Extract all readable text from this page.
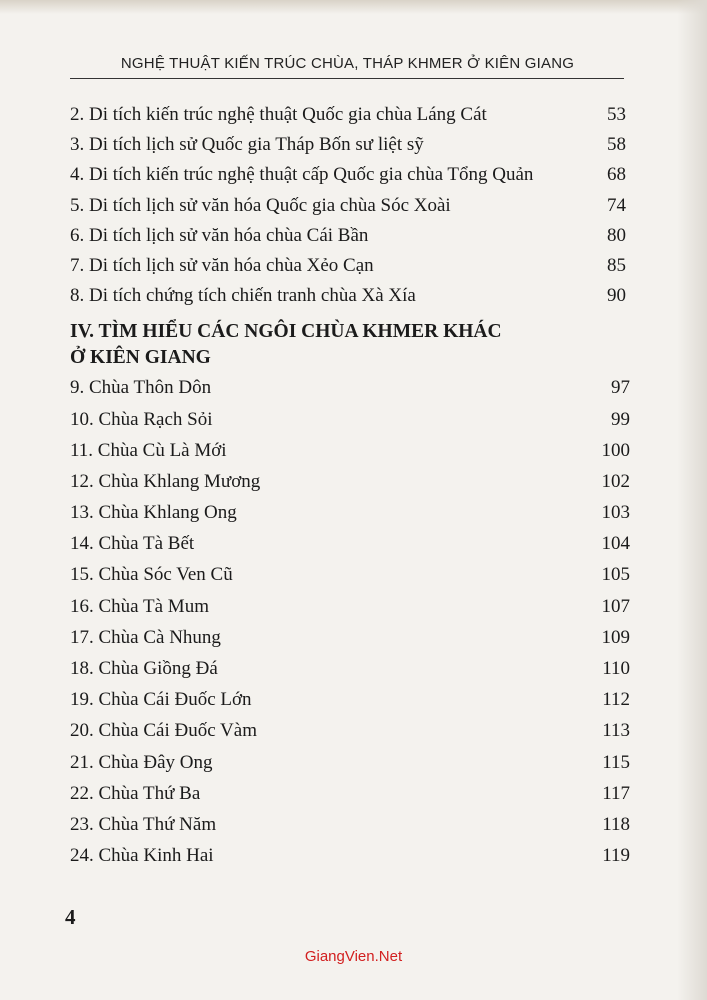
NGHỆ THUẬT KIẾN TRÚC CHÙA, THÁP KHMER Ở KIÊN GIANG
2. Di tích kiến trúc nghệ thuật Quốc gia chùa Láng Cát	53
3. Di tích lịch sử Quốc gia Tháp Bốn sư liệt sỹ	58
4. Di tích kiến trúc nghệ thuật cấp Quốc gia chùa Tổng Quản	68
5. Di tích lịch sử văn hóa Quốc gia chùa Sóc Xoài	74
6. Di tích lịch sử văn hóa chùa Cái Bần	80
7. Di tích lịch sử văn hóa chùa Xẻo Cạn	85
8. Di tích chứng tích chiến tranh chùa Xà Xía	90
IV. TÌM HIỂU CÁC NGÔI CHÙA KHMER KHÁC
Ở KIÊN GIANG
9. Chùa Thôn Dôn	97
10. Chùa Rạch Sỏi	99
11. Chùa Cù Là Mới	100
12. Chùa Khlang Mương	102
13. Chùa Khlang Ong	103
14. Chùa Tà Bết	104
15. Chùa Sóc Ven Cũ	105
16. Chùa Tà Mum	107
17. Chùa Cà Nhung	109
18. Chùa Giồng Đá	110
19. Chùa Cái Đuốc Lớn	112
20. Chùa Cái Đuốc Vàm	113
21. Chùa Đây Ong	115
22. Chùa Thứ Ba	117
23. Chùa Thứ Năm	118
24. Chùa Kinh Hai	119
4
GiangVien.Net
